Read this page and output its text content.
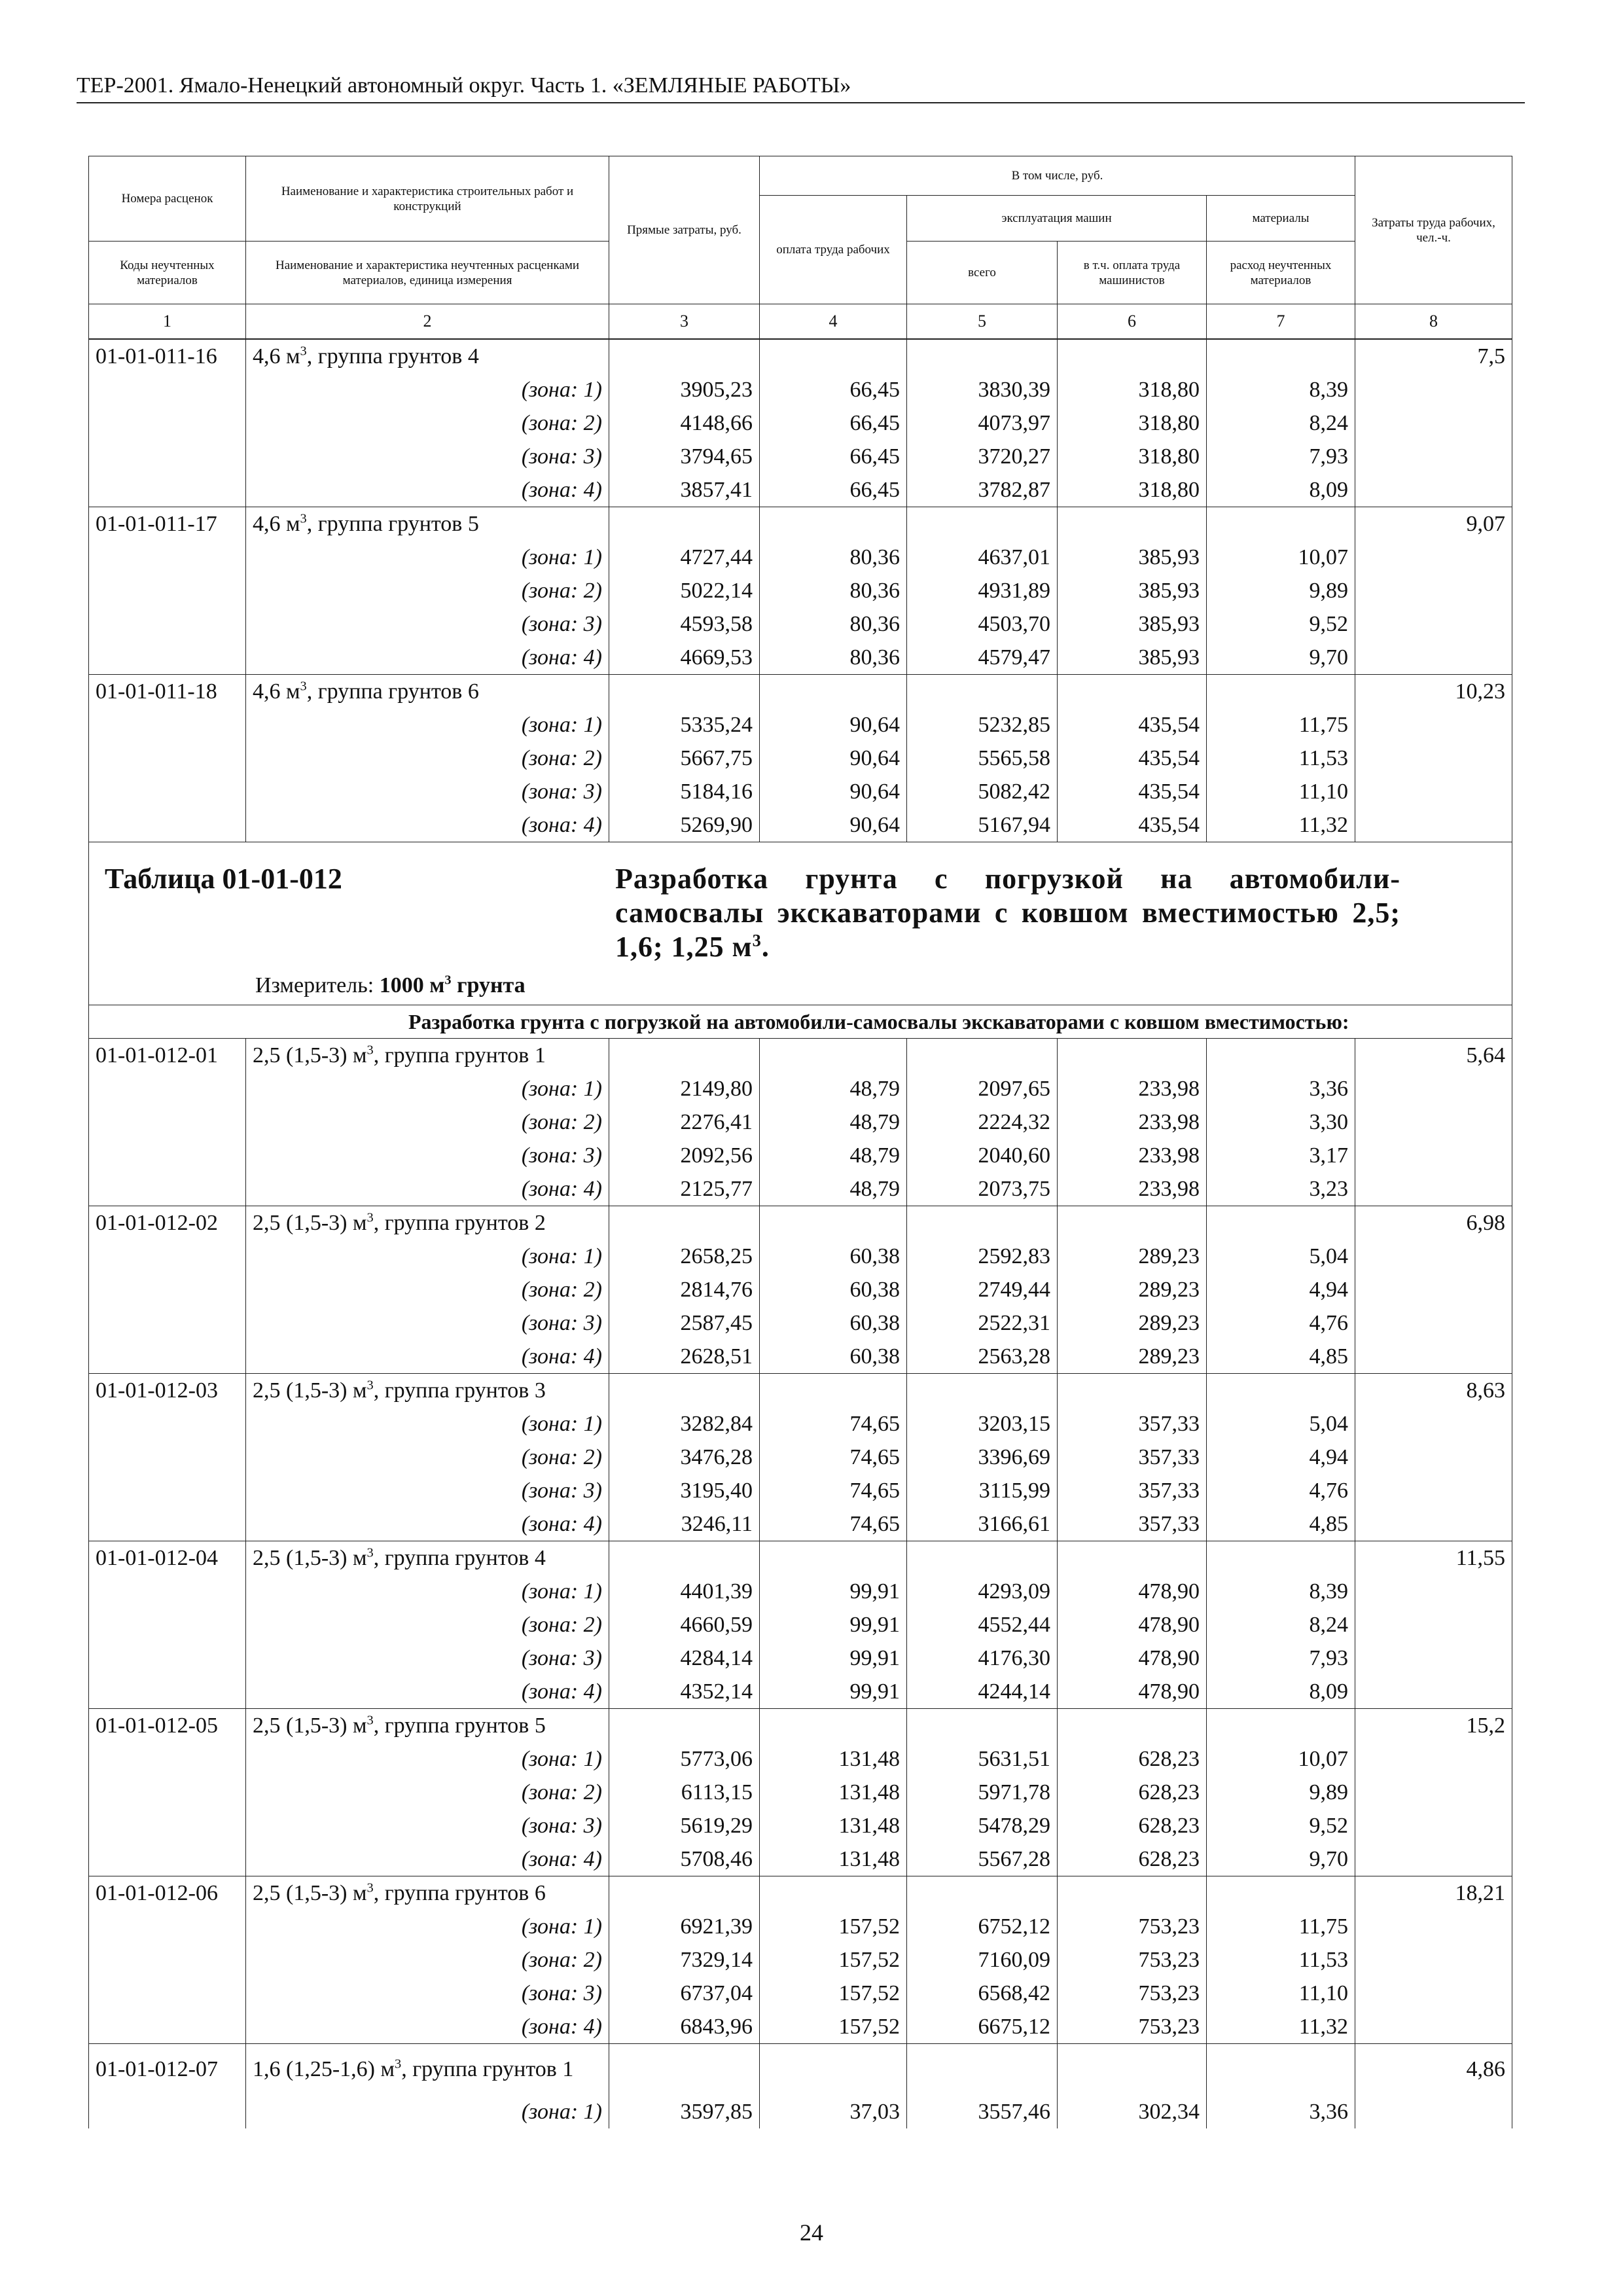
ТЕР-2001. Ямало-Ненецкий автономный округ. Часть 1. «ЗЕМЛЯНЫЕ РАБОТЫ»
Номера расценок	Наименование и характеристика строительных работ и конструкций	Прямые затраты, руб.	В том числе, руб.				Затраты труда рабочих, чел.-ч.
			оплата труда рабочих	эксплуатация машин		материалы	
Коды неучтенных материалов	Наименование и характеристика неучтенных расценками материалов, единица измерения			всего	в т.ч. оплата труда машинистов	расход неучтенных материалов	

1	2	3	4	5	6	7	8
01-01-011-16	4,6 $м^3$, группа грунтов 4						7,5
	(зона: 1)	3905,23	66,45	3830,39	318,80	8,39	
	(зона: 2)	4148,66	66,45	4073,97	318,80	8,24	
	(зона: 3)	3794,65	66,45	3720,27	318,80	7,93	
	(зона: 4)	3857,41	66,45	3782,87	318,80	8,09	
01-01-011-17	4,6 $м^3$, группа грунтов 5						9,07
	(зона: 1)	4727,44	80,36	4637,01	385,93	10,07	
	(зона: 2)	5022,14	80,36	4931,89	385,93	9,89	
	(зона: 3)	4593,58	80,36	4503,70	385,93	9,52	
	(зона: 4)	4669,53	80,36	4579,47	385,93	9,70	
01-01-011-18	4,6 $м^3$, группа грунтов 6						10,23
	(зона: 1)	5335,24	90,64	5232,85	435,54	11,75	
	(зона: 2)	5667,75	90,64	5565,58	435,54	11,53	
	(зона: 3)	5184,16	90,64	5082,42	435,54	11,10	
	(зона: 4)	5269,90	90,64	5167,94	435,54	11,32	

Таблица 01-01-012 Разработка грунта с погрузкой на автомобили-самосвалы экскаваторами с ковшом вместимостью 2,5; 1,6; 1,25 $м^3$.
Измеритель: 1000 $м^3$ грунта							

	Разработка грунта с погрузкой на автомобили-самосвалы экскаваторами с ковшом вместимостью:						
01-01-012-01	2,5 (1,5-3) $м^3$, группа грунтов 1						5,64
	(зона: 1)	2149,80	48,79	2097,65	233,98	3,36	
	(зона: 2)	2276,41	48,79	2224,32	233,98	3,30	
	(зона: 3)	2092,56	48,79	2040,60	233,98	3,17	
	(зона: 4)	2125,77	48,79	2073,75	233,98	3,23	
01-01-012-02	2,5 (1,5-3) $м^3$, группа грунтов 2						6,98
	(зона: 1)	2658,25	60,38	2592,83	289,23	5,04	
	(зона: 2)	2814,76	60,38	2749,44	289,23	4,94	
	(зона: 3)	2587,45	60,38	2522,31	289,23	4,76	
	(зона: 4)	2628,51	60,38	2563,28	289,23	4,85	
01-01-012-03	2,5 (1,5-3) $м^3$, группа грунтов 3						8,63
	(зона: 1)	3282,84	74,65	3203,15	357,33	5,04	
	(зона: 2)	3476,28	74,65	3396,69	357,33	4,94	
	(зона: 3)	3195,40	74,65	3115,99	357,33	4,76	
	(зона: 4)	3246,11	74,65	3166,61	357,33	4,85	
01-01-012-04	2,5 (1,5-3) $м^3$, группа грунтов 4						11,55
	(зона: 1)	4401,39	99,91	4293,09	478,90	8,39	
	(зона: 2)	4660,59	99,91	4552,44	478,90	8,24	
	(зона: 3)	4284,14	99,91	4176,30	478,90	7,93	
	(зона: 4)	4352,14	99,91	4244,14	478,90	8,09	
01-01-012-05	2,5 (1,5-3) $м^3$, группа грунтов 5						15,2
	(зона: 1)	5773,06	131,48	5631,51	628,23	10,07	
	(зона: 2)	6113,15	131,48	5971,78	628,23	9,89	
	(зона: 3)	5619,29	131,48	5478,29	628,23	9,52	
	(зона: 4)	5708,46	131,48	5567,28	628,23	9,70	
01-01-012-06	2,5 (1,5-3) $м^3$, группа грунтов 6						18,21
	(зона: 1)	6921,39	157,52	6752,12	753,23	11,75	
	(зона: 2)	7329,14	157,52	7160,09	753,23	11,53	
	(зона: 3)	6737,04	157,52	6568,42	753,23	11,10	
	(зона: 4)	6843,96	157,52	6675,12	753,23	11,32	
01-01-012-07	1,6 (1,25-1,6) $м^3$, группа грунтов 1						4,86
	(зона: 1)	3597,85	37,03	3557,46	302,34	3,36	
24
